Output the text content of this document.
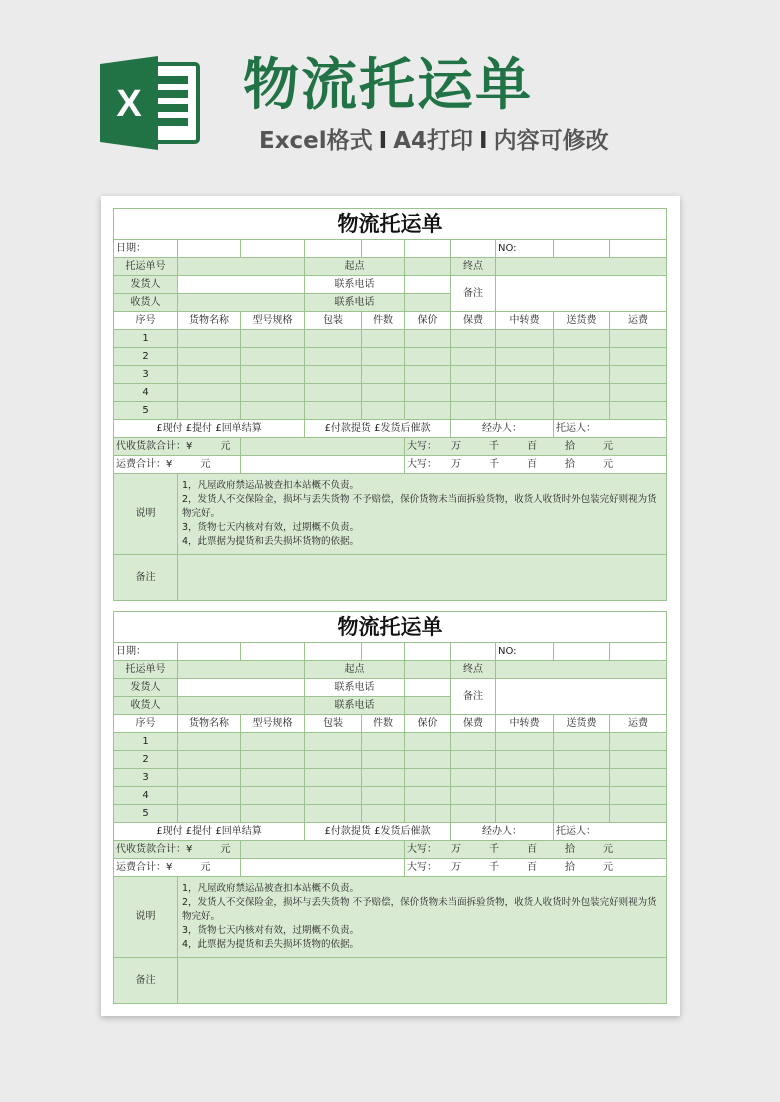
X 物流托运单
Excel格式 I A4打印 I 内容可修改
物流托运单									
日期：							NO:		
托运单号			起点			终点			
发货人			联系电话			备注			
收货人			联系电话						
序号	货物名称	型号规格	包装	件数	保价	保费	中转费	送货费	运费
1									
2									
3									
4									
5									
£现付 £提付 £回单结算			£付款提货 £发货后催款			经办人：		托运人：	
代收货款合计：¥ 元					大写： 万 千 百 拾 元				
运费合计：¥ 元					大写： 万 千 百 拾 元				
说明	1，凡屋政府禁运品被查扣本站概不负责。
2，发货人不交保险金，损坏与丢失货物 不予赔偿，保价货物未当面拆验货物，收货人收货时外包装完好则视为货物完好。
3，货物七天内核对有效，过期概不负责。
4，此票据为提货和丢失损坏货物的依据。								

备注									
物流托运单									
日期：							NO:		
托运单号			起点			终点			
发货人			联系电话			备注			
收货人			联系电话						
序号	货物名称	型号规格	包装	件数	保价	保费	中转费	送货费	运费
1									
2									
3									
4									
5									
£现付 £提付 £回单结算			£付款提货 £发货后催款			经办人：		托运人：	
代收货款合计：¥ 元					大写： 万 千 百 拾 元				
运费合计：¥ 元					大写： 万 千 百 拾 元				
说明	1，凡屋政府禁运品被查扣本站概不负责。
2，发货人不交保险金，损坏与丢失货物 不予赔偿，保价货物未当面拆验货物，收货人收货时外包装完好则视为货物完好。
3，货物七天内核对有效，过期概不负责。
4，此票据为提货和丢失损坏货物的依据。								

备注									
